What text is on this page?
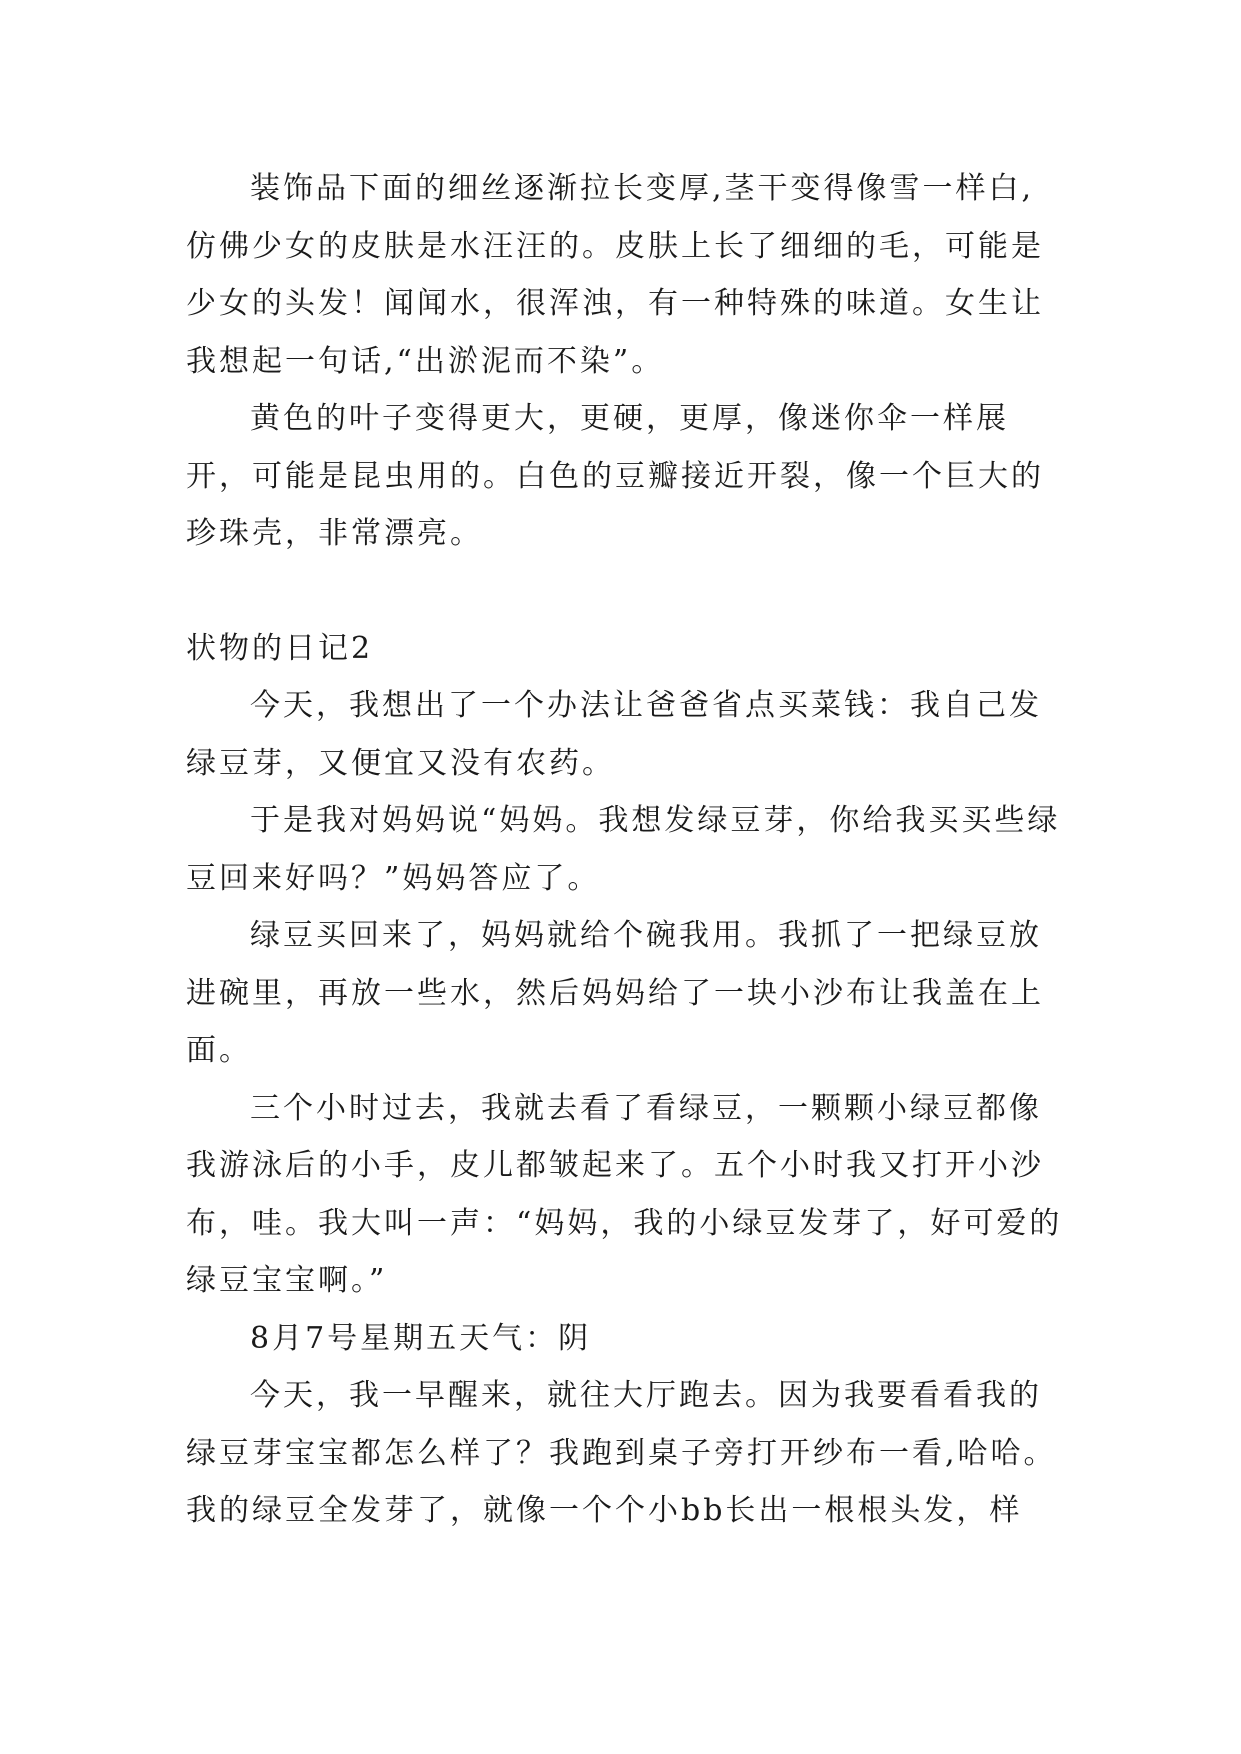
装饰品下面的细丝逐渐拉长变厚,茎干变得像雪一样白,仿佛少女的皮肤是水汪汪的。皮肤上长了细细的毛，可能是少女的头发！闻闻水，很浑浊，有一种特殊的味道。女生让我想起一句话,“出淤泥而不染”。

黄色的叶子变得更大，更硬，更厚，像迷你伞一样展开，可能是昆虫用的。白色的豆瓣接近开裂，像一个巨大的珍珠壳，非常漂亮。

状物的日记2

今天，我想出了一个办法让爸爸省点买菜钱：我自己发绿豆芽，又便宜又没有农药。

于是我对妈妈说“妈妈。我想发绿豆芽，你给我买买些绿豆回来好吗？”妈妈答应了。

绿豆买回来了，妈妈就给个碗我用。我抓了一把绿豆放进碗里，再放一些水，然后妈妈给了一块小沙布让我盖在上面。

三个小时过去，我就去看了看绿豆，一颗颗小绿豆都像我游泳后的小手，皮儿都皱起来了。五个小时我又打开小沙布，哇。我大叫一声：“妈妈，我的小绿豆发芽了，好可爱的绿豆宝宝啊。”

8月7号星期五天气：阴

今天，我一早醒来，就往大厅跑去。因为我要看看我的绿豆芽宝宝都怎么样了？我跑到桌子旁打开纱布一看,哈哈。我的绿豆全发芽了，就像一个个小bb长出一根根头发，样
